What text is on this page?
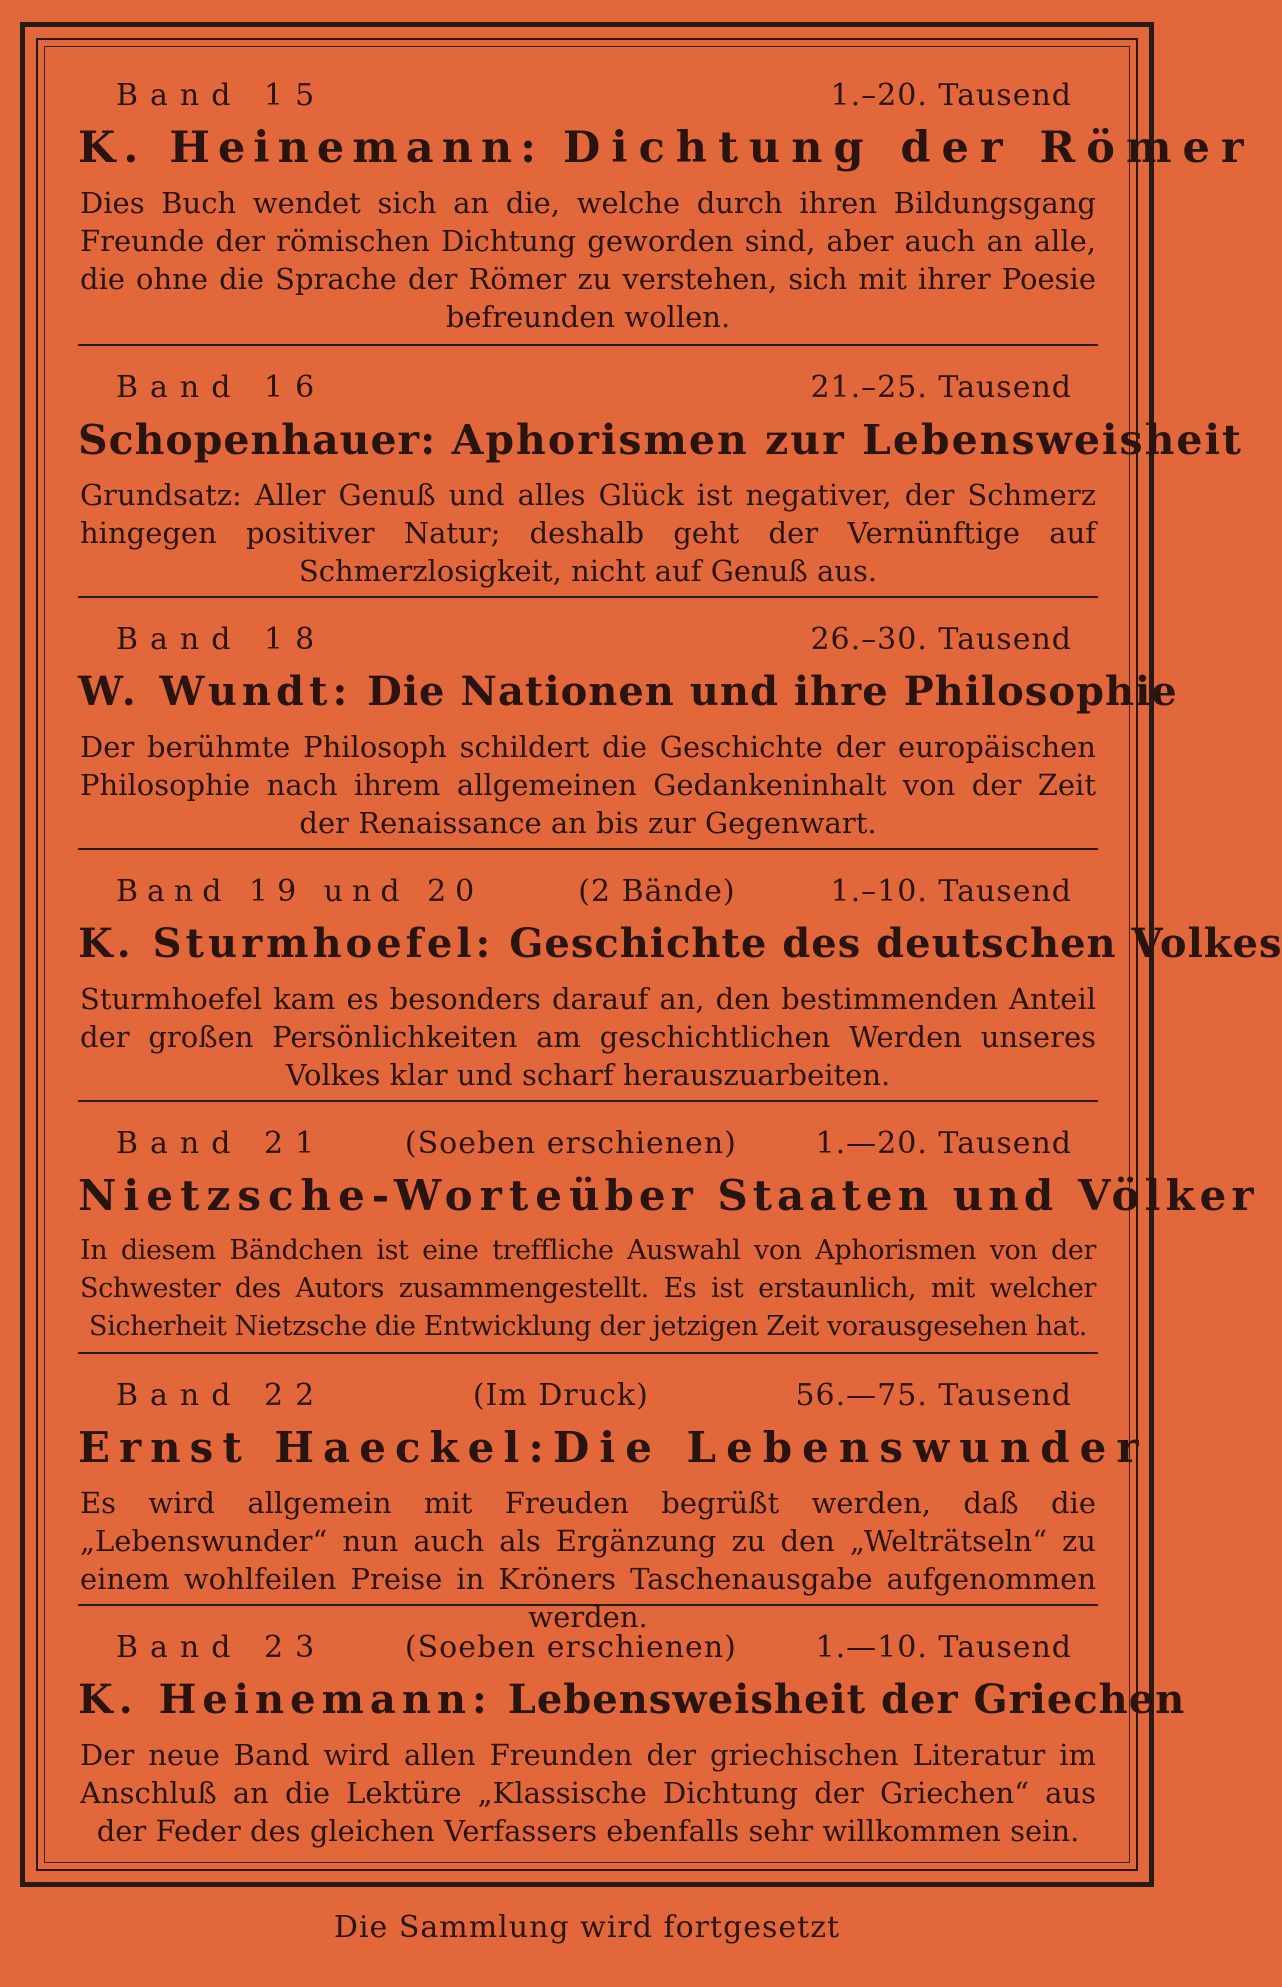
Band 15	1.–20. Tausend
K. Heinemann: Dichtung der Römer
Dies Buch wendet sich an die, welche durch ihren Bildungsgang Freunde der römischen Dichtung geworden sind, aber auch an alle, die ohne die Sprache der Römer zu verstehen, sich mit ihrer Poesie befreunden wollen.
Band 16	21.–25. Tausend
Schopenhauer: Aphorismen zur Lebensweisheit
Grundsatz: Aller Genuß und alles Glück ist negativer, der Schmerz hingegen positiver Natur; deshalb geht der Vernünftige auf Schmerzlosigkeit, nicht auf Genuß aus.
Band 18	26.–30. Tausend
W. Wundt: Die Nationen und ihre Philosophie
Der berühmte Philosoph schildert die Geschichte der europäischen Philosophie nach ihrem allgemeinen Gedankeninhalt von der Zeit der Renaissance an bis zur Gegenwart.
Band 19 und 20	(2 Bände)	1.–10. Tausend
K. Sturmhoefel: Geschichte des deutschen Volkes
Sturmhoefel kam es besonders darauf an, den bestimmenden Anteil der großen Persönlichkeiten am geschichtlichen Werden unseres Volkes klar und scharf herauszuarbeiten.
Band 21	(Soeben erschienen)	1.—20. Tausend
Nietzsche-Worte über Staaten und Völker
In diesem Bändchen ist eine treffliche Auswahl von Aphorismen von der Schwester des Autors zusammengestellt. Es ist erstaunlich, mit welcher Sicherheit Nietzsche die Entwicklung der jetzigen Zeit vorausgesehen hat.
Band 22	(Im Druck)	56.—75. Tausend
Ernst Haeckel: Die Lebenswunder
Es wird allgemein mit Freuden begrüßt werden, daß die „Lebenswunder“ nun auch als Ergänzung zu den „Welträtseln“ zu einem wohlfeilen Preise in Kröners Taschenausgabe aufgenommen werden.
Band 23	(Soeben erschienen)	1.—10. Tausend
K. Heinemann: Lebensweisheit der Griechen
Der neue Band wird allen Freunden der griechischen Literatur im Anschluß an die Lektüre „Klassische Dichtung der Griechen“ aus der Feder des gleichen Verfassers ebenfalls sehr willkommen sein.
Die Sammlung wird fortgesetzt
